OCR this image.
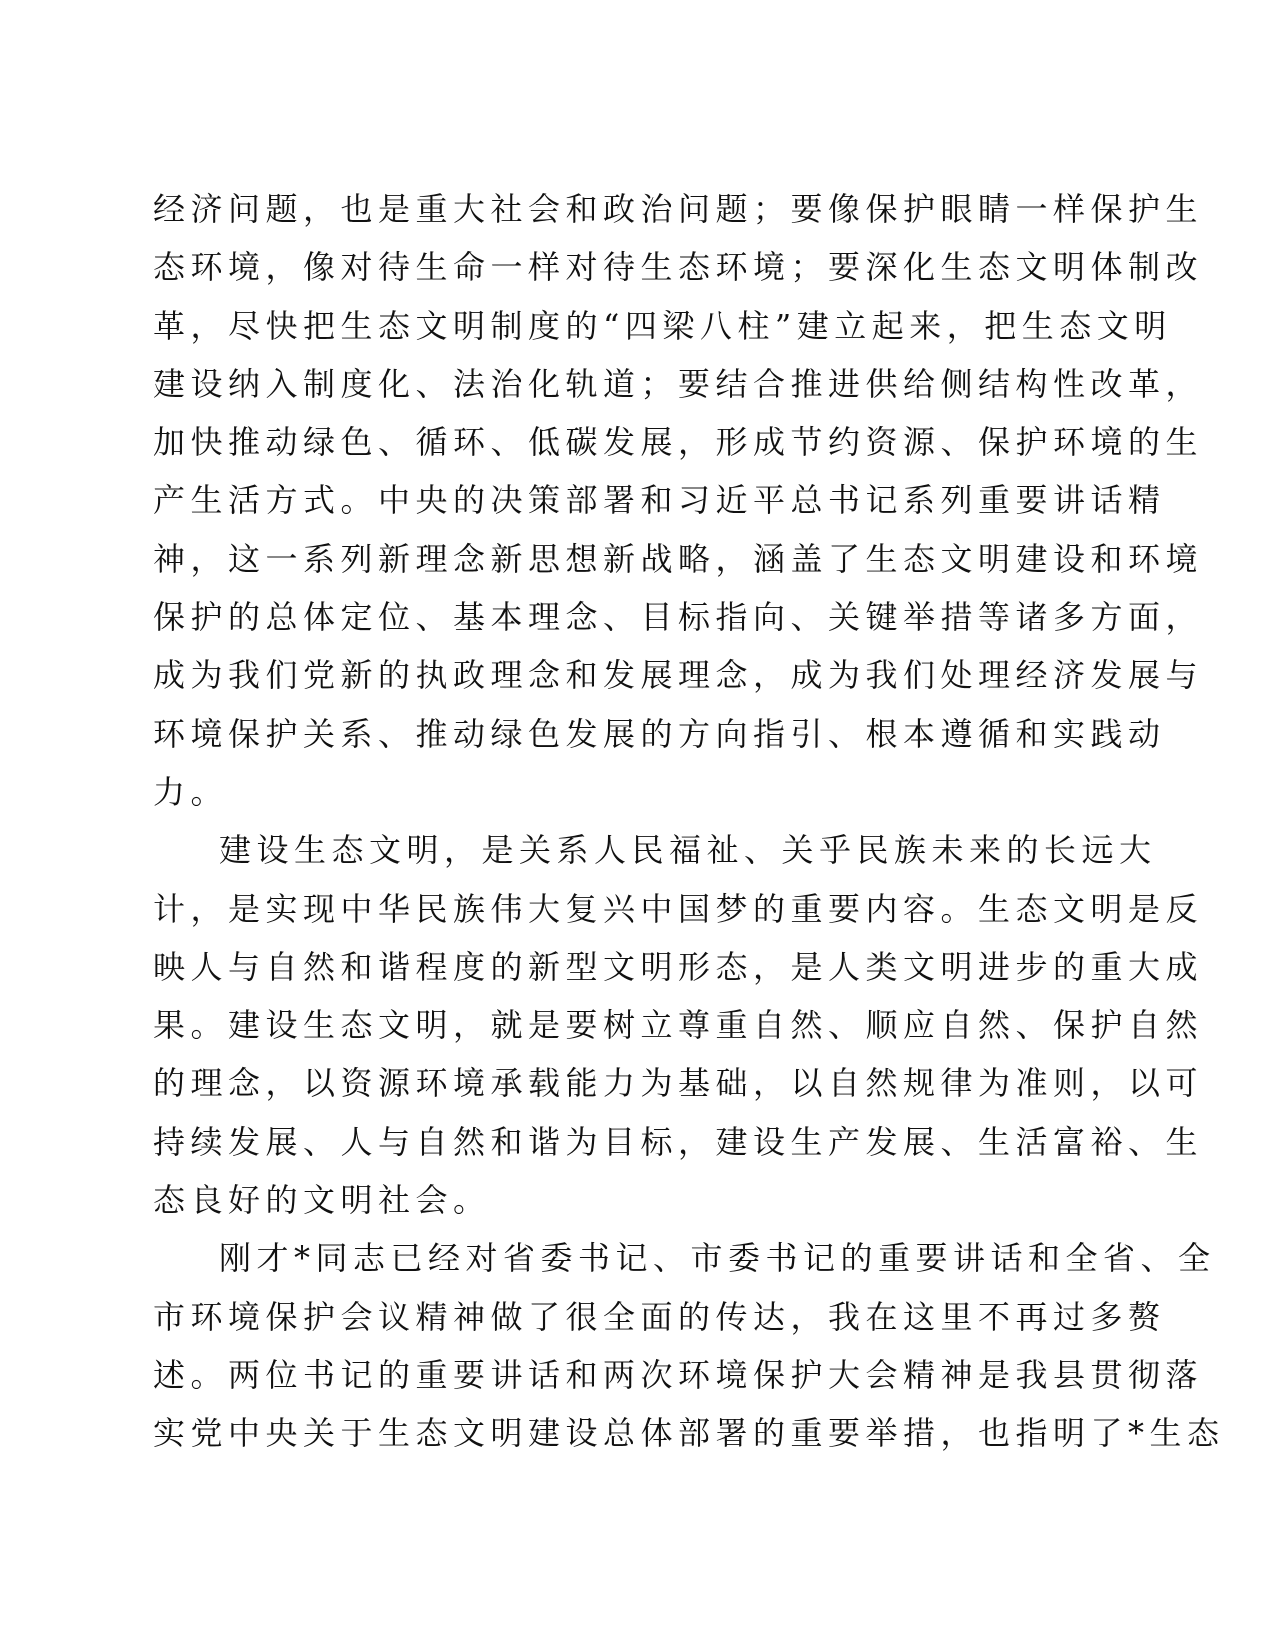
经济问题，也是重大社会和政治问题；要像保护眼睛一样保护生
态环境，像对待生命一样对待生态环境；要深化生态文明体制改
革，尽快把生态文明制度的“四梁八柱”建立起来，把生态文明
建设纳入制度化、法治化轨道；要结合推进供给侧结构性改革，
加快推动绿色、循环、低碳发展，形成节约资源、保护环境的生
产生活方式。中央的决策部署和习近平总书记系列重要讲话精
神，这一系列新理念新思想新战略，涵盖了生态文明建设和环境
保护的总体定位、基本理念、目标指向、关键举措等诸多方面，
成为我们党新的执政理念和发展理念，成为我们处理经济发展与
环境保护关系、推动绿色发展的方向指引、根本遵循和实践动
力。
建设生态文明，是关系人民福祉、关乎民族未来的长远大
计，是实现中华民族伟大复兴中国梦的重要内容。生态文明是反
映人与自然和谐程度的新型文明形态，是人类文明进步的重大成
果。建设生态文明，就是要树立尊重自然、顺应自然、保护自然
的理念，以资源环境承载能力为基础，以自然规律为准则，以可
持续发展、人与自然和谐为目标，建设生产发展、生活富裕、生
态良好的文明社会。
刚才*同志已经对省委书记、市委书记的重要讲话和全省、全
市环境保护会议精神做了很全面的传达，我在这里不再过多赘
述。两位书记的重要讲话和两次环境保护大会精神是我县贯彻落
实党中央关于生态文明建设总体部署的重要举措，也指明了*生态
